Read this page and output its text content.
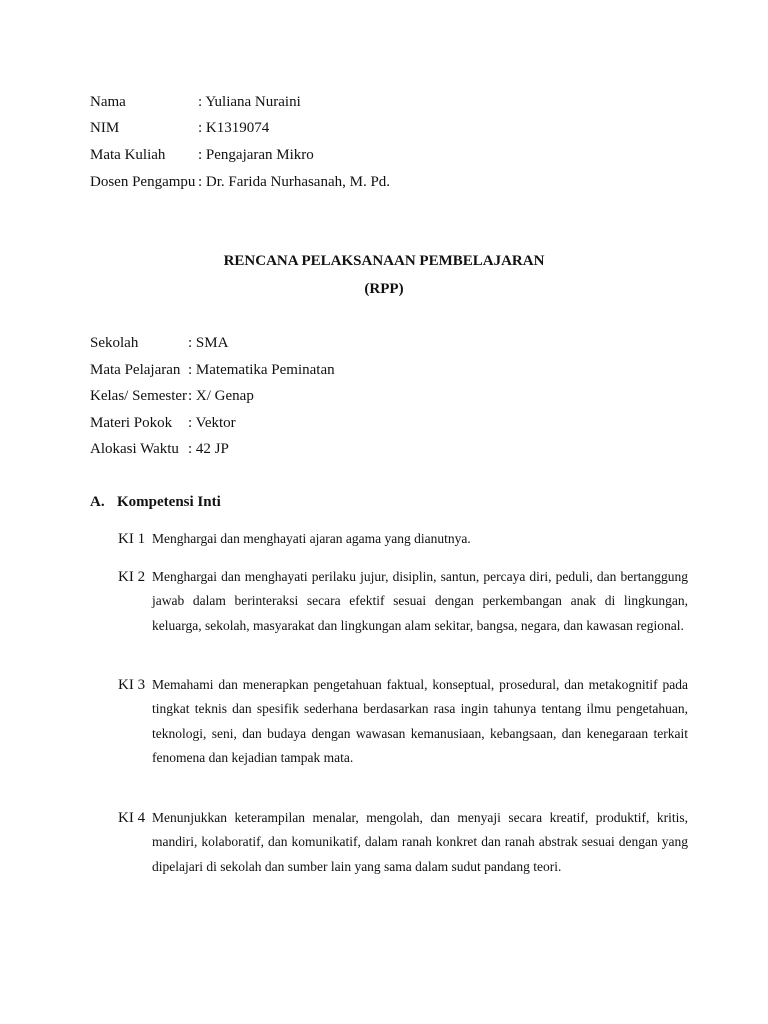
Nama	: Yuliana Nuraini
NIM	: K1319074
Mata Kuliah : Pengajaran Mikro
Dosen Pengampu : Dr. Farida Nurhasanah, M. Pd.
RENCANA PELAKSANAAN PEMBELAJARAN
(RPP)
Sekolah	: SMA
Mata Pelajaran : Matematika Peminatan
Kelas/ Semester: X/ Genap
Materi Pokok : Vektor
Alokasi Waktu : 42 JP
A. Kompetensi Inti
KI 1 Menghargai dan menghayati ajaran agama yang dianutnya.
KI 2 Menghargai dan menghayati perilaku jujur, disiplin, santun, percaya diri, peduli, dan bertanggung jawab dalam berinteraksi secara efektif sesuai dengan perkembangan anak di lingkungan, keluarga, sekolah, masyarakat dan lingkungan alam sekitar, bangsa, negara, dan kawasan regional.
KI 3 Memahami dan menerapkan pengetahuan faktual, konseptual, prosedural, dan metakognitif pada tingkat teknis dan spesifik sederhana berdasarkan rasa ingin tahunya tentang ilmu pengetahuan, teknologi, seni, dan budaya dengan wawasan kemanusiaan, kebangsaan, dan kenegaraan terkait fenomena dan kejadian tampak mata.
KI 4 Menunjukkan keterampilan menalar, mengolah, dan menyaji secara kreatif, produktif, kritis, mandiri, kolaboratif, dan komunikatif, dalam ranah konkret dan ranah abstrak sesuai dengan yang dipelajari di sekolah dan sumber lain yang sama dalam sudut pandang teori.
